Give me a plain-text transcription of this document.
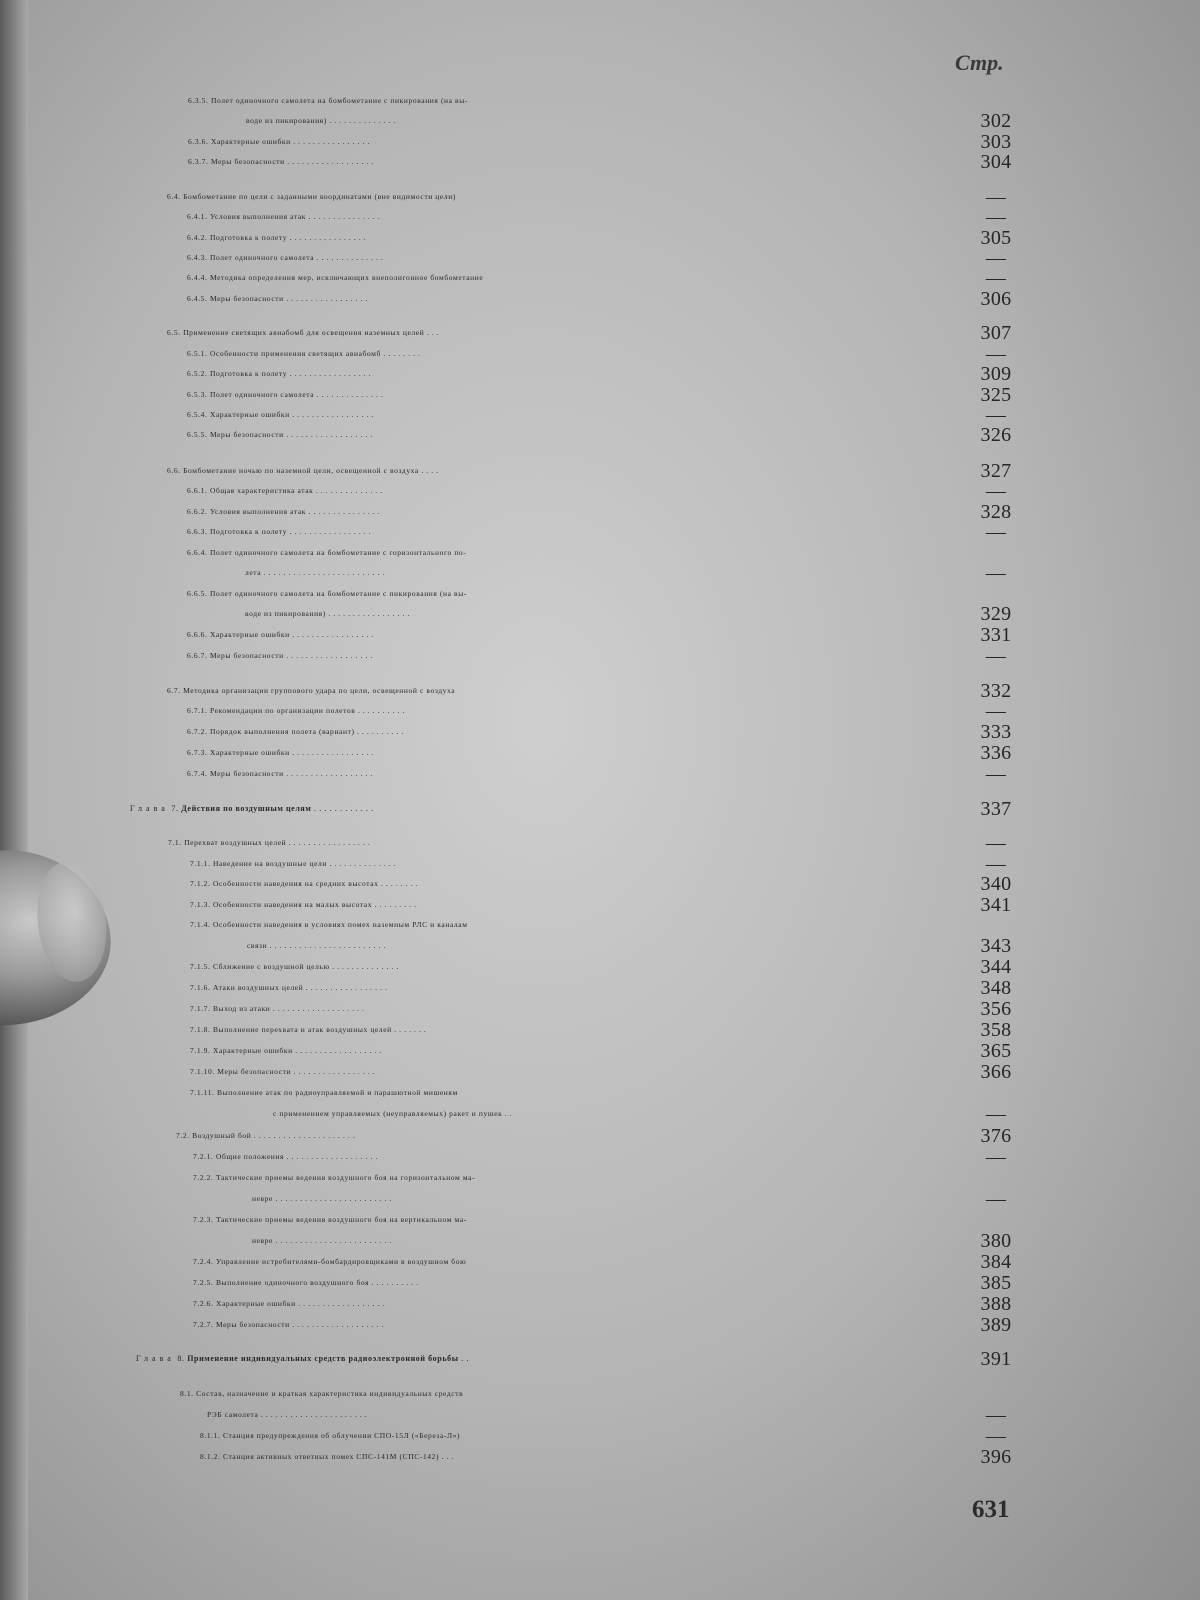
Стр.
6.3.5. Полет одиночного самолета на бомбометание с пикирования (на вы-
воде из пикирования) . . . . . . . . . . . . . .	302
6.3.6. Характерные ошибки . . . . . . . . . . . . . . . .	303
6.3.7. Меры безопасности . . . . . . . . . . . . . . . . . .	304
6.4. Бомбометание по цели с заданными координатами (вне видимости цели)	—
6.4.1. Условия выполнения атак . . . . . . . . . . . . . . .	—
6.4.2. Подготовка к полету . . . . . . . . . . . . . . . .	305
6.4.3. Полет одиночного самолета . . . . . . . . . . . . . .	—
6.4.4. Методика определения мер, исключающих внеполигонное бомбометание	—
6.4.5. Меры безопасности . . . . . . . . . . . . . . . . .	306
6.5. Применение светящих авиабомб для освещения наземных целей . . .	307
6.5.1. Особенности применения светящих авиабомб . . . . . . . .	—
6.5.2. Подготовка к полету . . . . . . . . . . . . . . . . .	309
6.5.3. Полет одиночного самолета . . . . . . . . . . . . . .	325
6.5.4. Характерные ошибки . . . . . . . . . . . . . . . . .	—
6.5.5. Меры безопасности . . . . . . . . . . . . . . . . . .	326
6.6. Бомбометание ночью по наземной цели, освещенной с воздуха . . . .	327
6.6.1. Общая характеристика атак . . . . . . . . . . . . . .	—
6.6.2. Условия выполнения атак . . . . . . . . . . . . . . .	328
6.6.3. Подготовка к полету . . . . . . . . . . . . . . . . .	—
6.6.4. Полет одиночного самолета на бомбометание с горизонтального по-
лета . . . . . . . . . . . . . . . . . . . . . . . . .	—
6.6.5. Полет одиночного самолета на бомбометание с пикирования (на вы-
воде из пикирования) . . . . . . . . . . . . . . . . .	329
6.6.6. Характерные ошибки . . . . . . . . . . . . . . . . .	331
6.6.7. Меры безопасности . . . . . . . . . . . . . . . . . .	—
6.7. Методика организации группового удара по цели, освещенной с воздуха	332
6.7.1. Рекомендации по организации полетов . . . . . . . . . .	—
6.7.2. Порядок выполнения полета (вариант) . . . . . . . . . .	333
6.7.3. Характерные ошибки . . . . . . . . . . . . . . . . .	336
6.7.4. Меры безопасности . . . . . . . . . . . . . . . . . .	—
Глава 7. Действия по воздушным целям . . . . . . . . . . . .	337
7.1. Перехват воздушных целей . . . . . . . . . . . . . . . . .	—
7.1.1. Наведение на воздушные цели . . . . . . . . . . . . . .	—
7.1.2. Особенности наведения на средних высотах . . . . . . . .	340
7.1.3. Особенности наведения на малых высотах . . . . . . . . .	341
7.1.4. Особенности наведения в условиях помех наземным РЛС и каналам
связи . . . . . . . . . . . . . . . . . . . . . . . .	343
7.1.5. Сближение с воздушной целью . . . . . . . . . . . . . .	344
7.1.6. Атаки воздушных целей . . . . . . . . . . . . . . . . .	348
7.1.7. Выход из атаки . . . . . . . . . . . . . . . . . . .	356
7.1.8. Выполнение перехвата и атак воздушных целей . . . . . . .	358
7.1.9. Характерные ошибки . . . . . . . . . . . . . . . . . .	365
7.1.10. Меры безопасности . . . . . . . . . . . . . . . . .	366
7.1.11. Выполнение атак по радиоуправляемой и парашютной мишеням
с применением управляемых (неуправляемых) ракет и пушек . .	—
7.2. Воздушный бой . . . . . . . . . . . . . . . . . . . . .	376
7.2.1. Общие положения . . . . . . . . . . . . . . . . . . .	—
7.2.2. Тактические приемы ведения воздушного боя на горизонтальном ма-
невре . . . . . . . . . . . . . . . . . . . . . . . .	—
7.2.3. Тактические приемы ведения воздушного боя на вертикальном ма-
невре . . . . . . . . . . . . . . . . . . . . . . . .	380
7.2.4. Управление истребителями-бомбардировщиками в воздушном бою	384
7.2.5. Выполнение одиночного воздушного боя . . . . . . . . . .	385
7.2.6. Характерные ошибки . . . . . . . . . . . . . . . . . .	388
7.2.7. Меры безопасности . . . . . . . . . . . . . . . . . . .	389
Глава 8. Применение индивидуальных средств радиоэлектронной борьбы . .	391
8.1. Состав, назначение и краткая характеристика индивидуальных средств
РЭБ самолета . . . . . . . . . . . . . . . . . . . . . .	—
8.1.1. Станция предупреждения об облучении СПО-15Л («Береза-Л»)	—
8.1.2. Станция активных ответных помех СПС-141М (СПС-142) . . .	396
631
